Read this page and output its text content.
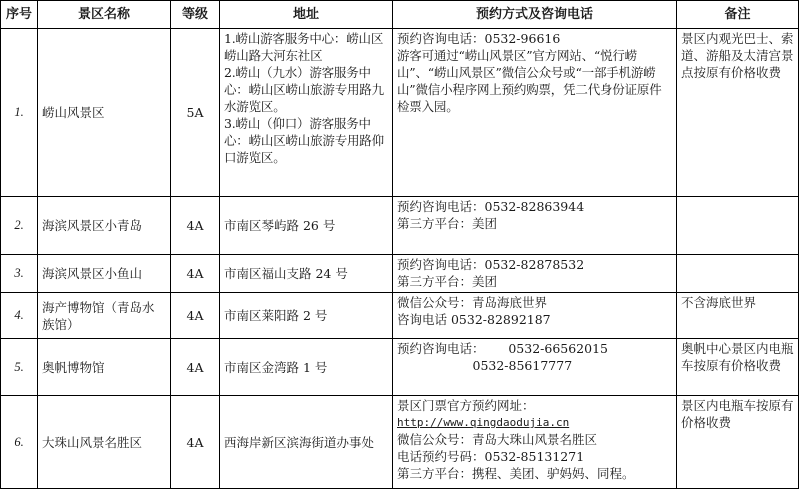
序号	景区名称	等级	地址	预约方式及咨询电话	备注
1.	崂山风景区	5A	1.崂山游客服务中心：崂山区崂山路大河东社区
2.崂山（九水）游客服务中心：崂山区崂山旅游专用路九水游览区。
3.崂山（仰口）游客服务中心：崂山区崂山旅游专用路仰口游览区。	预约咨询电话：0532-96616
游客可通过“崂山风景区”官方网站、“悦行崂山”、“崂山风景区”微信公众号或“一部手机游崂山”微信小程序网上预约购票，凭二代身份证原件检票入园。	景区内观光巴士、索道、游船及太清宫景点按原有价格收费
2.	海滨风景区小青岛	4A	市南区琴屿路 26 号	预约咨询电话：0532-82863944
第三方平台：美团	

3.	海滨风景区小鱼山	4A	市南区福山支路 24 号	预约咨询电话：0532-82878532
第三方平台：美团	

4.	海产博物馆（青岛水族馆）	4A	市南区莱阳路 2 号	微信公众号：青岛海底世界
咨询电话 0532-82892187	不含海底世界
5.	奥帆博物馆	4A	市南区金湾路 1 号	预约咨询电话：      0532-66562015
0532-85617777	奥帆中心景区内电瓶车按原有价格收费
6.	大珠山风景名胜区	4A	西海岸新区滨海街道办事处	景区门票官方预约网址：
http://www.qingdaodujia.cn
微信公众号：青岛大珠山风景名胜区
电话预约号码：0532-85131271
第三方平台：携程、美团、驴妈妈、同程。	景区内电瓶车按原有价格收费
